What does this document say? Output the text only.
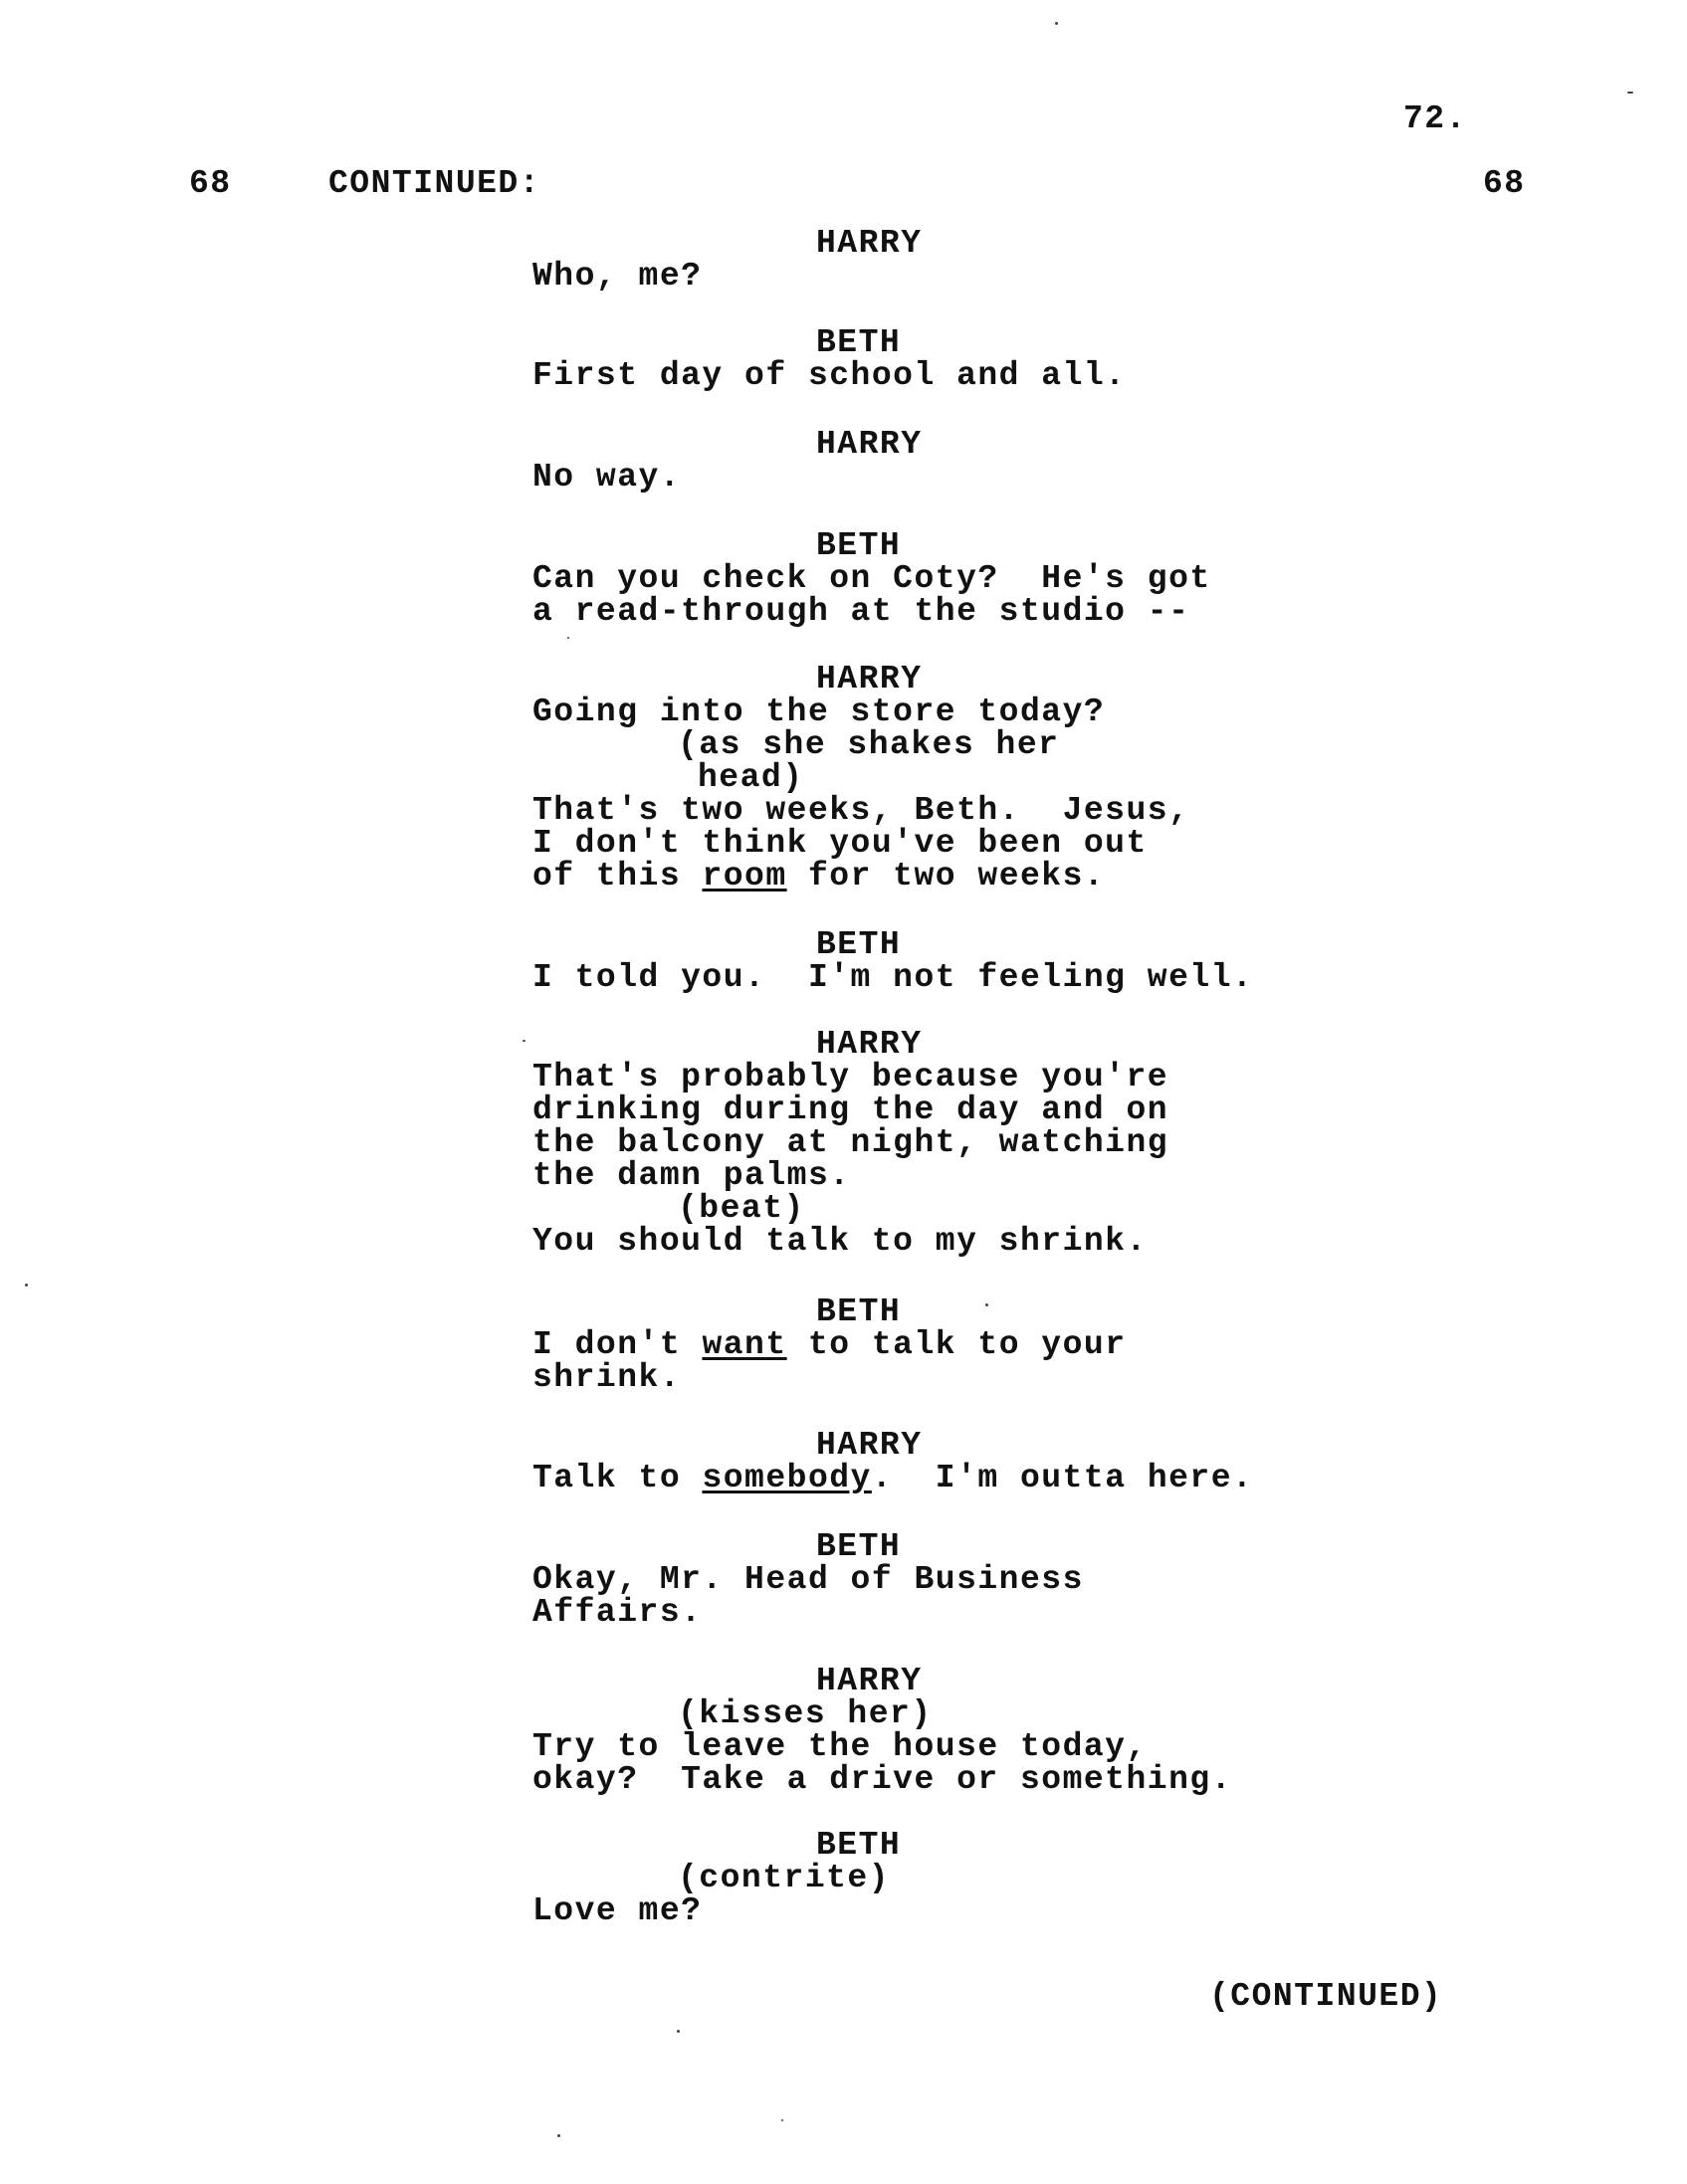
72.
68	CONTINUED:	68
HARRY
Who, me?
BETH
First day of school and all.
HARRY
No way.
BETH
Can you check on Coty?  He's got
a read-through at the studio --
HARRY
Going into the store today?
(as she shakes her
head)
That's two weeks, Beth.  Jesus,
I don't think you've been out
of this room for two weeks.
BETH
I told you.  I'm not feeling well.
HARRY
That's probably because you're
drinking during the day and on
the balcony at night, watching
the damn palms.
(beat)
You should talk to my shrink.
BETH
I don't want to talk to your
shrink.
HARRY
Talk to somebody.  I'm outta here.
BETH
Okay, Mr. Head of Business
Affairs.
HARRY
(kisses her)
Try to leave the house today,
okay?  Take a drive or something.
BETH
(contrite)
Love me?
(CONTINUED)
